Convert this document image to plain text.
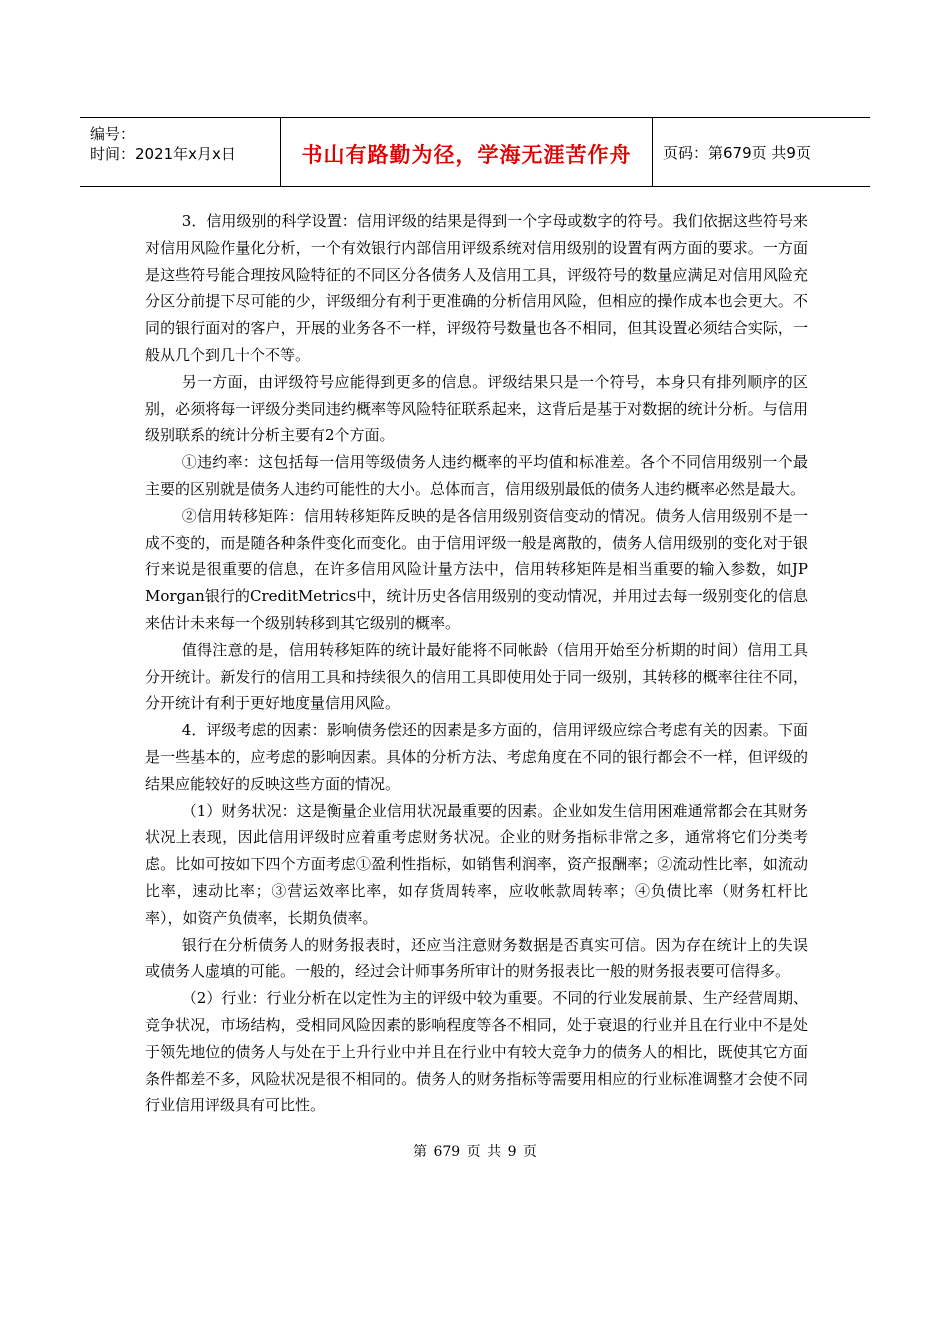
编号：
时间：2021年x月x日	书山有路勤为径，学海无涯苦作舟	页码：第679页 共9页

3．信用级别的科学设置：信用评级的结果是得到一个字母或数字的符号。我们依据这些符号来对信用风险作量化分析，一个有效银行内部信用评级系统对信用级别的设置有两方面的要求。一方面是这些符号能合理按风险特征的不同区分各债务人及信用工具，评级符号的数量应满足对信用风险充分区分前提下尽可能的少，评级细分有利于更准确的分析信用风险，但相应的操作成本也会更大。不同的银行面对的客户，开展的业务各不一样，评级符号数量也各不相同，但其设置必须结合实际，一般从几个到几十个不等。

另一方面，由评级符号应能得到更多的信息。评级结果只是一个符号，本身只有排列顺序的区别，必须将每一评级分类同违约概率等风险特征联系起来，这背后是基于对数据的统计分析。与信用级别联系的统计分析主要有2个方面。

①违约率：这包括每一信用等级债务人违约概率的平均值和标准差。各个不同信用级别一个最主要的区别就是债务人违约可能性的大小。总体而言，信用级别最低的债务人违约概率必然是最大。

②信用转移矩阵：信用转移矩阵反映的是各信用级别资信变动的情况。债务人信用级别不是一成不变的，而是随各种条件变化而变化。由于信用评级一般是离散的，债务人信用级别的变化对于银行来说是很重要的信息，在许多信用风险计量方法中，信用转移矩阵是相当重要的输入参数，如JP Morgan银行的CreditMetrics中，统计历史各信用级别的变动情况，并用过去每一级别变化的信息来估计未来每一个级别转移到其它级别的概率。

值得注意的是，信用转移矩阵的统计最好能将不同帐龄（信用开始至分析期的时间）信用工具分开统计。新发行的信用工具和持续很久的信用工具即使用处于同一级别，其转移的概率往往不同，分开统计有利于更好地度量信用风险。

4．评级考虑的因素：影响债务偿还的因素是多方面的，信用评级应综合考虑有关的因素。下面是一些基本的，应考虑的影响因素。具体的分析方法、考虑角度在不同的银行都会不一样，但评级的结果应能较好的反映这些方面的情况。

（1）财务状况：这是衡量企业信用状况最重要的因素。企业如发生信用困难通常都会在其财务状况上表现，因此信用评级时应着重考虑财务状况。企业的财务指标非常之多，通常将它们分类考虑。比如可按如下四个方面考虑①盈利性指标，如销售利润率，资产报酬率；②流动性比率，如流动比率，速动比率；③营运效率比率，如存货周转率，应收帐款周转率；④负债比率（财务杠杆比率），如资产负债率，长期负债率。

银行在分析债务人的财务报表时，还应当注意财务数据是否真实可信。因为存在统计上的失误或债务人虚填的可能。一般的，经过会计师事务所审计的财务报表比一般的财务报表要可信得多。

（2）行业：行业分析在以定性为主的评级中较为重要。不同的行业发展前景、生产经营周期、竞争状况，市场结构，受相同风险因素的影响程度等各不相同，处于衰退的行业并且在行业中不是处于领先地位的债务人与处在于上升行业中并且在行业中有较大竞争力的债务人的相比，既使其它方面条件都差不多，风险状况是很不相同的。债务人的财务指标等需要用相应的行业标准调整才会使不同行业信用评级具有可比性。

第 679 页 共 9 页
